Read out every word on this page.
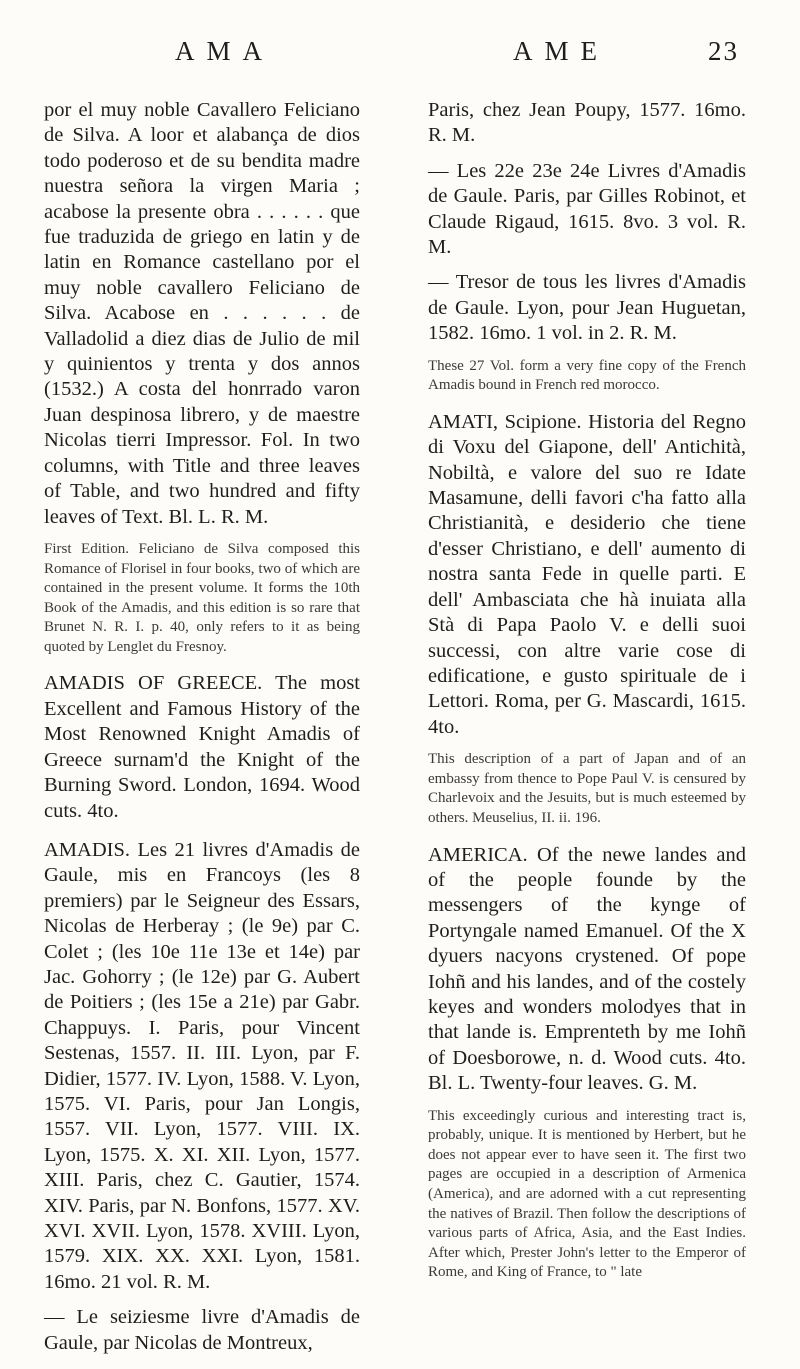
AMA	AME	23

por el muy noble Cavallero Feliciano de Silva. A loor et alabança de dios todo poderoso et de su bendita madre nuestra señora la virgen Maria ; acabose la presente obra . . . . . . que fue traduzida de griego en latin y de latin en Romance castellano por el muy noble cavallero Feliciano de Silva. Acabose en . . . . . . de Valladolid a diez dias de Julio de mil y quinientos y trenta y dos annos (1532.) A costa del honrrado varon Juan despinosa librero, y de maestre Nicolas tierri Impressor. Fol. In two columns, with Title and three leaves of Table, and two hundred and fifty leaves of Text. Bl. L. R. M.

First Edition. Feliciano de Silva composed this Romance of Florisel in four books, two of which are contained in the present volume. It forms the 10th Book of the Amadis, and this edition is so rare that Brunet N. R. I. p. 40, only refers to it as being quoted by Lenglet du Fresnoy.

AMADIS OF GREECE. The most Excellent and Famous History of the Most Renowned Knight Amadis of Greece surnam'd the Knight of the Burning Sword. London, 1694. Wood cuts. 4to.

AMADIS. Les 21 livres d'Amadis de Gaule, mis en Francoys (les 8 premiers) par le Seigneur des Essars, Nicolas de Herberay ; (le 9e) par C. Colet ; (les 10e 11e 13e et 14e) par Jac. Gohorry ; (le 12e) par G. Aubert de Poitiers ; (les 15e a 21e) par Gabr. Chappuys. I. Paris, pour Vincent Sestenas, 1557. II. III. Lyon, par F. Didier, 1577. IV. Lyon, 1588. V. Lyon, 1575. VI. Paris, pour Jan Longis, 1557. VII. Lyon, 1577. VIII. IX. Lyon, 1575. X. XI. XII. Lyon, 1577. XIII. Paris, chez C. Gautier, 1574. XIV. Paris, par N. Bonfons, 1577. XV. XVI. XVII. Lyon, 1578. XVIII. Lyon, 1579. XIX. XX. XXI. Lyon, 1581. 16mo. 21 vol. R. M.

— Le seiziesme livre d'Amadis de Gaule, par Nicolas de Montreux,

Paris, chez Jean Poupy, 1577. 16mo. R. M.

— Les 22e 23e 24e Livres d'Amadis de Gaule. Paris, par Gilles Robinot, et Claude Rigaud, 1615. 8vo. 3 vol. R. M.

— Tresor de tous les livres d'Amadis de Gaule. Lyon, pour Jean Huguetan, 1582. 16mo. 1 vol. in 2. R. M.

These 27 Vol. form a very fine copy of the French Amadis bound in French red morocco.

AMATI, Scipione. Historia del Regno di Voxu del Giapone, dell' Antichità, Nobiltà, e valore del suo re Idate Masamune, delli favori c'ha fatto alla Christianità, e desiderio che tiene d'esser Christiano, e dell' aumento di nostra santa Fede in quelle parti. E dell' Ambasciata che hà inuiata alla Stà di Papa Paolo V. e delli suoi successi, con altre varie cose di edificatione, e gusto spirituale de i Lettori. Roma, per G. Mascardi, 1615. 4to.

This description of a part of Japan and of an embassy from thence to Pope Paul V. is censured by Charlevoix and the Jesuits, but is much esteemed by others. Meuselius, II. ii. 196.

AMERICA. Of the newe landes and of the people founde by the messengers of the kynge of Portyngale named Emanuel. Of the X dyuers nacyons crystened. Of pope Iohñ and his landes, and of the costely keyes and wonders molodyes that in that lande is. Emprenteth by me Iohñ of Doesborowe, n. d. Wood cuts. 4to. Bl. L. Twenty-four leaves. G. M.

This exceedingly curious and interesting tract is, probably, unique. It is mentioned by Herbert, but he does not appear ever to have seen it. The first two pages are occupied in a description of Armenica (America), and are adorned with a cut representing the natives of Brazil. Then follow the descriptions of various parts of Africa, Asia, and the East Indies. After which, Prester John's letter to the Emperor of Rome, and King of France, to " late
